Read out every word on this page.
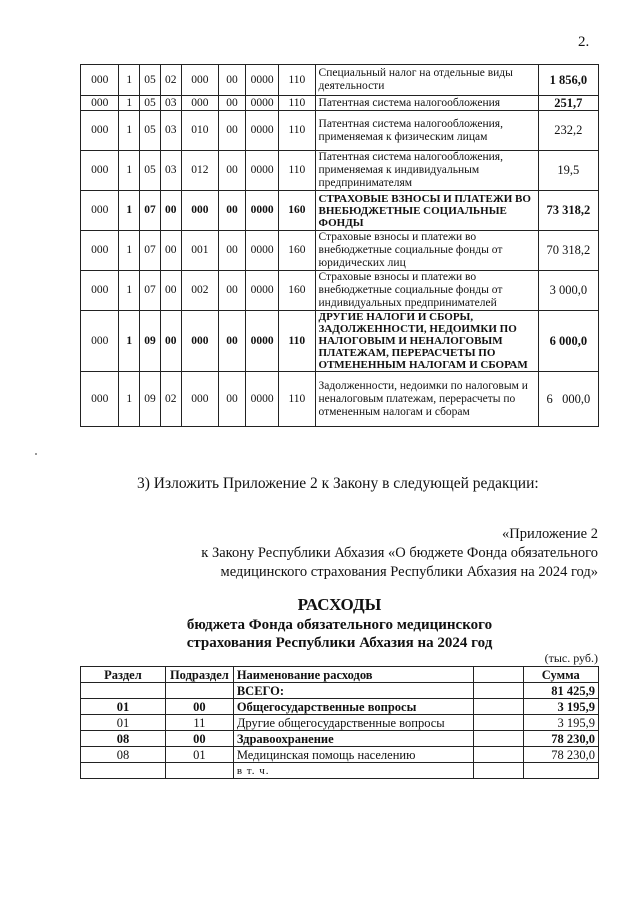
2.
000	1	05	02	000	00	0000	110	Специальный налог на отдельные виды деятельности	1 856,0
000	1	05	03	000	00	0000	110	Патентная система налогообложения	251,7
000	1	05	03	010	00	0000	110	Патентная система налогообложения, применяемая к физическим лицам	232,2
000	1	05	03	012	00	0000	110	Патентная система налогообложения, применяемая к индивидуальным предпринимателям	19,5
000	1	07	00	000	00	0000	160	СТРАХОВЫЕ ВЗНОСЫ И ПЛАТЕЖИ ВО ВНЕБЮДЖЕТНЫЕ СОЦИАЛЬНЫЕ ФОНДЫ	73 318,2
000	1	07	00	001	00	0000	160	Страховые взносы и платежи во внебюджетные социальные фонды от юридических лиц	70 318,2
000	1	07	00	002	00	0000	160	Страховые взносы и платежи во внебюджетные социальные фонды от индивидуальных предпринимателей	3 000,0
000	1	09	00	000	00	0000	110	ДРУГИЕ НАЛОГИ И СБОРЫ, ЗАДОЛЖЕННОСТИ, НЕДОИМКИ ПО НАЛОГОВЫМ И НЕНАЛОГОВЫМ ПЛАТЕЖАМ, ПЕРЕРАСЧЕТЫ ПО ОТМЕНЕННЫМ НАЛОГАМ И СБОРАМ	6 000,0
000	1	09	02	000	00	0000	110	Задолженности, недоимки по налоговым и неналоговым платежам, перерасчеты по отмененным налогам и сборам	6   000,0
3) Изложить Приложение 2 к Закону в следующей редакции:
«Приложение 2
к Закону Республики Абхазия «О бюджете Фонда обязательного
медицинского страхования Республики Абхазия на 2024 год»
РАСХОДЫ
бюджета Фонда обязательного медицинского
страхования Республики Абхазия на 2024 год
(тыс. руб.)
Раздел	Подраздел	Наименование расходов		Сумма
		ВСЕГО:		81 425,9
01	00	Общегосударственные вопросы		3 195,9
01	11	Другие общегосударственные вопросы		3 195,9
08	00	Здравоохранение		78 230,0
08	01	Медицинская помощь населению		78 230,0
		в т. ч.		
